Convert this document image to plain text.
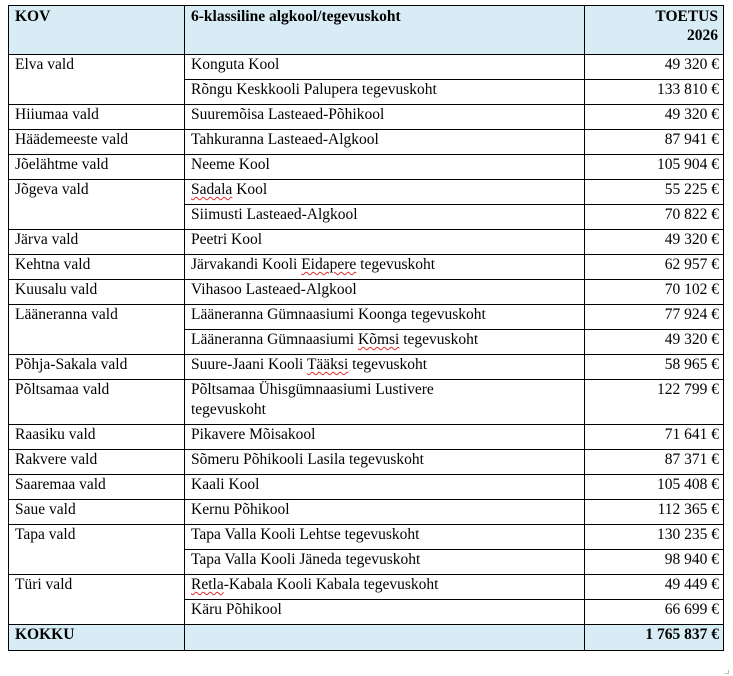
KOV	6-klassiline algkool/tegevuskoht	TOETUS
2026
Elva vald	Konguta Kool	49 320 €
	Rõngu Keskkooli Palupera tegevuskoht	133 810 €
Hiiumaa vald	Suuremõisa Lasteaed-Põhikool	49 320 €
Häädemeeste vald	Tahkuranna Lasteaed-Algkool	87 941 €
Jõelähtme vald	Neeme Kool	105 904 €
Jõgeva vald	Sadala Kool	55 225 €
	Siimusti Lasteaed-Algkool	70 822 €
Järva vald	Peetri Kool	49 320 €
Kehtna vald	Järvakandi Kooli Eidapere tegevuskoht	62 957 €
Kuusalu vald	Vihasoo Lasteaed-Algkool	70 102 €
Lääneranna vald	Lääneranna Gümnaasiumi Koonga tegevuskoht	77 924 €
	Lääneranna Gümnaasiumi Kõmsi tegevuskoht	49 320 €
Põhja-Sakala vald	Suure-Jaani Kooli Tääksi tegevuskoht	58 965 €
Põltsamaa vald	Põltsamaa Ühisgümnaasiumi Lustivere
tegevuskoht	122 799 €
Raasiku vald	Pikavere Mõisakool	71 641 €
Rakvere vald	Sõmeru Põhikooli Lasila tegevuskoht	87 371 €
Saaremaa vald	Kaali Kool	105 408 €
Saue vald	Kernu Põhikool	112 365 €
Tapa vald	Tapa Valla Kooli Lehtse tegevuskoht	130 235 €
	Tapa Valla Kooli Jäneda tegevuskoht	98 940 €
Türi vald	Retla-Kabala Kooli Kabala tegevuskoht	49 449 €
	Käru Põhikool	66 699 €
KOKKU		1 765 837 €
